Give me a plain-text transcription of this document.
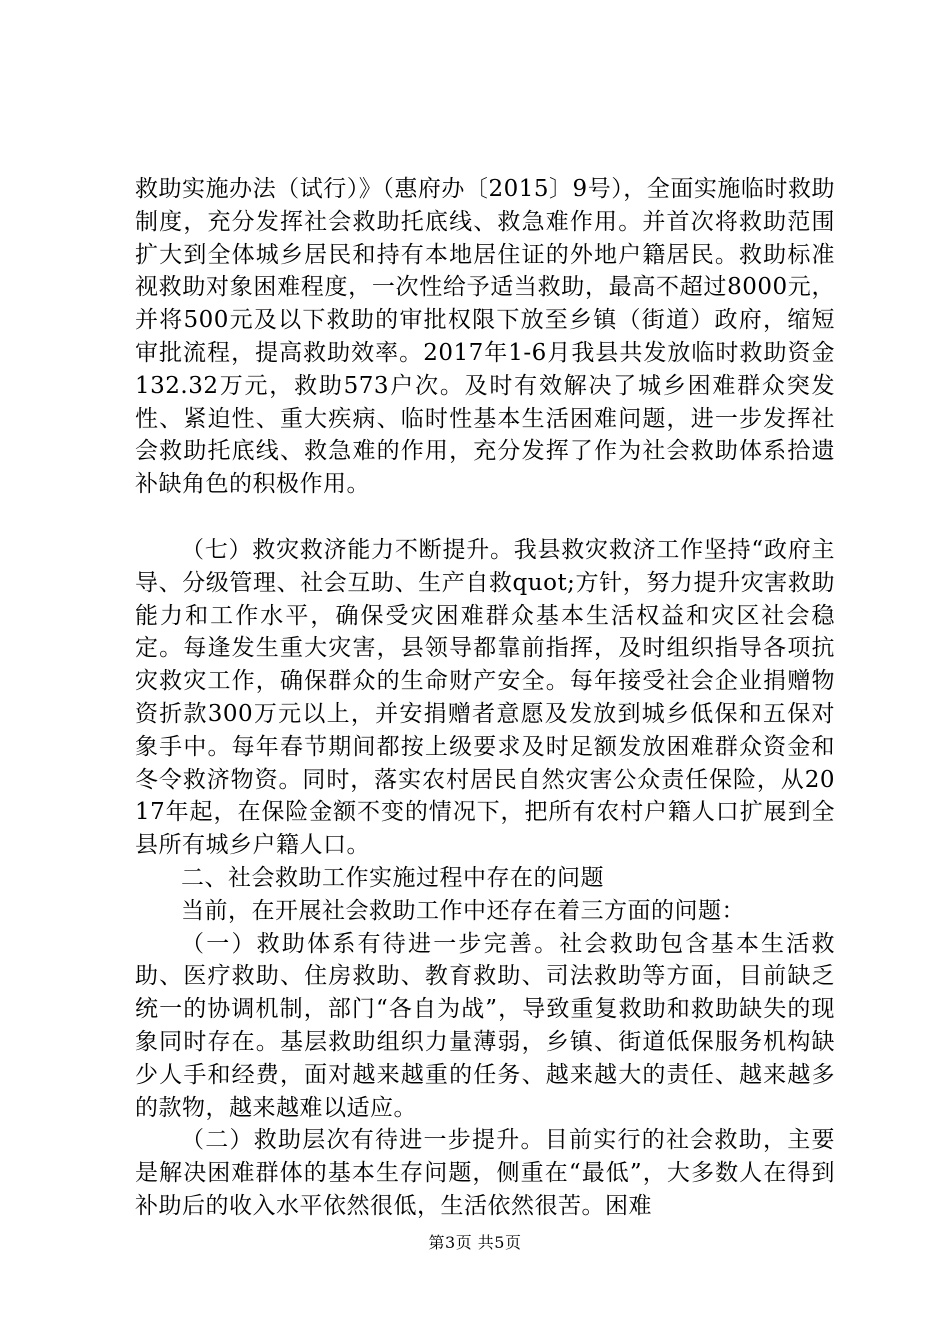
救助实施办法（试行）》（惠府办〔2015〕9号），全面实施临时救助制度，充分发挥社会救助托底线、救急难作用。并首次将救助范围扩大到全体城乡居民和持有本地居住证的外地户籍居民。救助标准视救助对象困难程度，一次性给予适当救助，最高不超过8000元，并将500元及以下救助的审批权限下放至乡镇（街道）政府，缩短审批流程，提高救助效率。2017年1-6月我县共发放临时救助资金132.32万元，救助573户次。及时有效解决了城乡困难群众突发性、紧迫性、重大疾病、临时性基本生活困难问题，进一步发挥社会救助托底线、救急难的作用，充分发挥了作为社会救助体系拾遗补缺角色的积极作用。

（七）救灾救济能力不断提升。我县救灾救济工作坚持“政府主导、分级管理、社会互助、生产自救quot;方针，努力提升灾害救助能力和工作水平，确保受灾困难群众基本生活权益和灾区社会稳定。每逢发生重大灾害，县领导都靠前指挥，及时组织指导各项抗灾救灾工作，确保群众的生命财产安全。每年接受社会企业捐赠物资折款300万元以上，并安捐赠者意愿及发放到城乡低保和五保对象手中。每年春节期间都按上级要求及时足额发放困难群众资金和冬令救济物资。同时，落实农村居民自然灾害公众责任保险，从2017年起，在保险金额不变的情况下，把所有农村户籍人口扩展到全县所有城乡户籍人口。

二、社会救助工作实施过程中存在的问题

当前，在开展社会救助工作中还存在着三方面的问题：

（一）救助体系有待进一步完善。社会救助包含基本生活救助、医疗救助、住房救助、教育救助、司法救助等方面，目前缺乏统一的协调机制，部门“各自为战”，导致重复救助和救助缺失的现象同时存在。基层救助组织力量薄弱，乡镇、街道低保服务机构缺少人手和经费，面对越来越重的任务、越来越大的责任、越来越多的款物，越来越难以适应。

（二）救助层次有待进一步提升。目前实行的社会救助，主要是解决困难群体的基本生存问题，侧重在“最低”，大多数人在得到补助后的收入水平依然很低，生活依然很苦。困难

第3页 共5页
